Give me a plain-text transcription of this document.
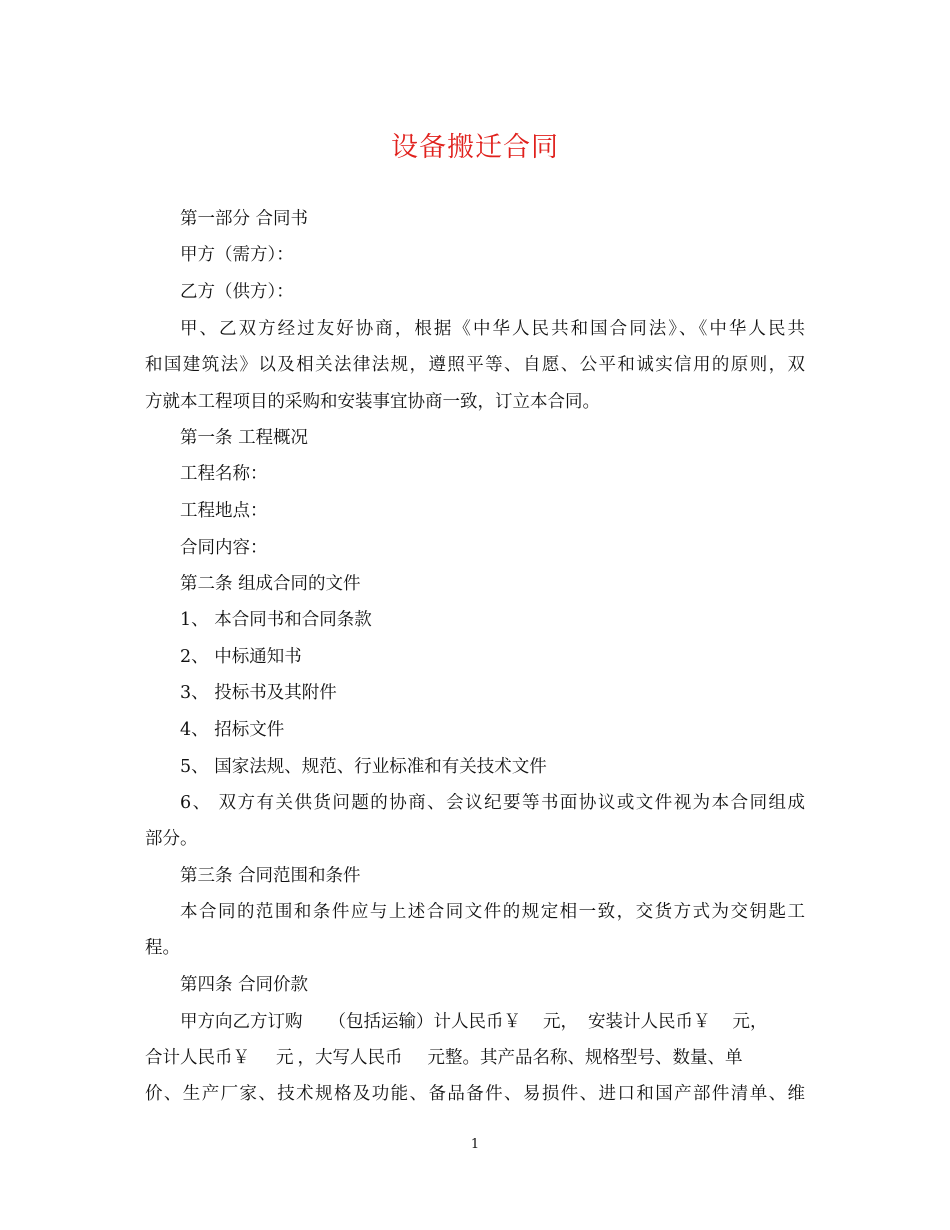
设备搬迁合同
第一部分 合同书
甲方（需方）：
乙方（供方）：
甲、乙双方经过友好协商，根据《中华人民共和国合同法》、《中华人民共
和国建筑法》以及相关法律法规，遵照平等、自愿、公平和诚实信用的原则，双
方就本工程项目的采购和安装事宜协商一致，订立本合同。
第一条 工程概况
工程名称：
工程地点：
合同内容：
第二条 组成合同的文件
1、 本合同书和合同条款
2、 中标通知书
3、 投标书及其附件
4、 招标文件
5、 国家法规、规范、行业标准和有关技术文件
6、 双方有关供货问题的协商、会议纪要等书面协议或文件视为本合同组成
部分。
第三条 合同范围和条件
本合同的范围和条件应与上述合同文件的规定相一致，交货方式为交钥匙工
程。
第四条 合同价款
甲方向乙方订购 （包括运输）计人民币￥ 元， 安装计人民币￥ 元，
合计人民币￥ 元 ，大写人民币 元整。其产品名称、规格型号、数量、单
价、生产厂家、技术规格及功能、备品备件、易损件、进口和国产部件清单、维
1
